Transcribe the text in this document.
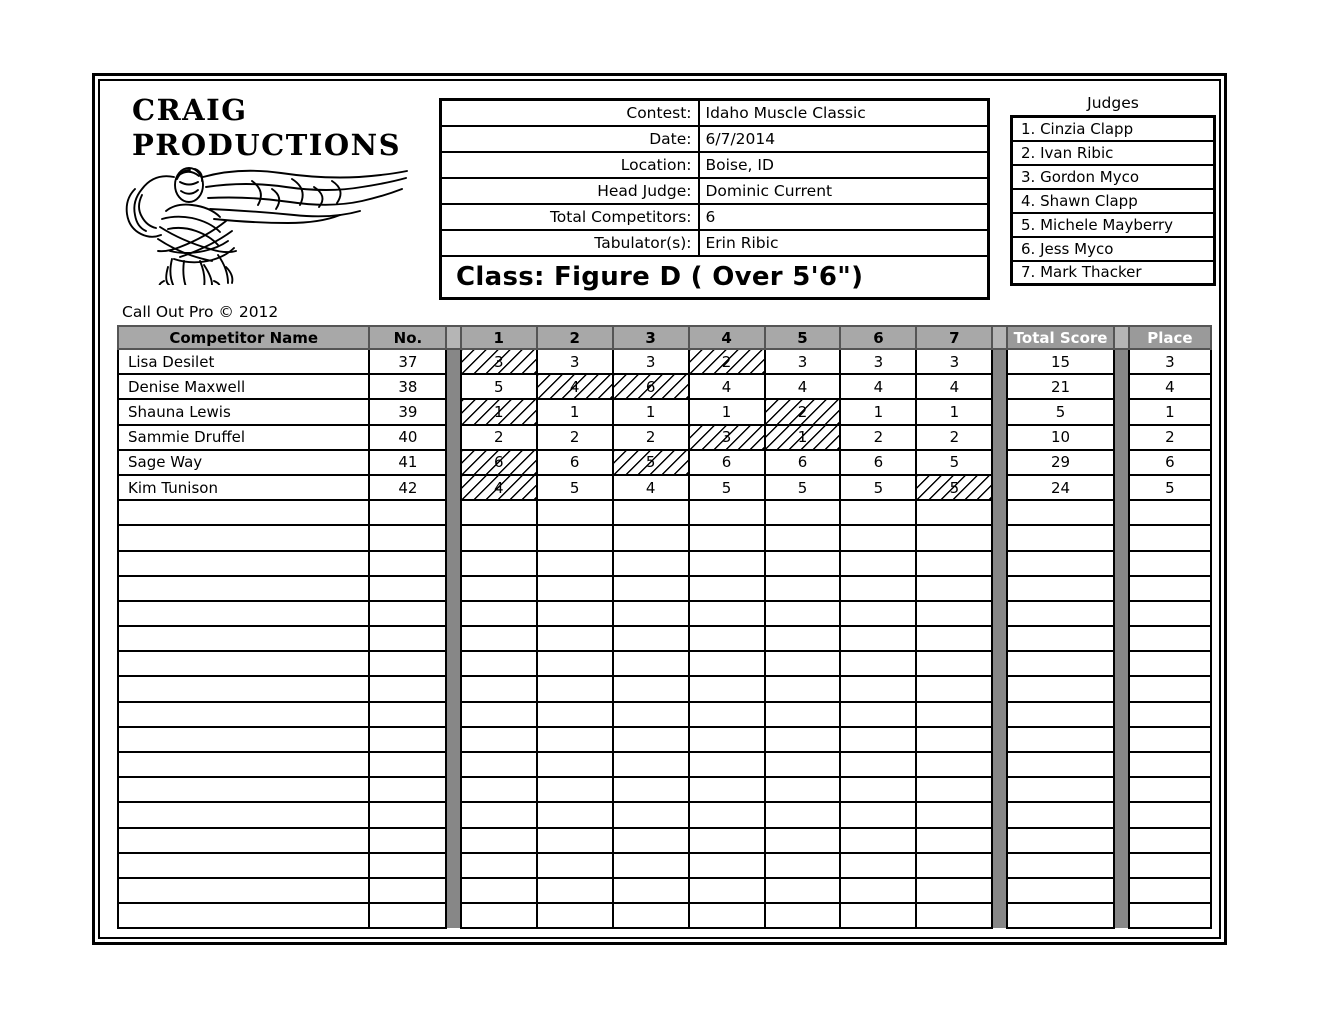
CRAIG
PRODUCTIONS
Call Out Pro © 2012
Contest:	Idaho Muscle Classic
Date:	6/7/2014
Location:	Boise, ID
Head Judge:	Dominic Current
Total Competitors:	6
Tabulator(s):	Erin Ribic
Class: Figure D ( Over 5'6")	
Judges
1. Cinzia Clapp
2. Ivan Ribic
3. Gordon Myco
4. Shawn Clapp
5. Michele Mayberry
6. Jess Myco
7. Mark Thacker
Competitor Name	No.		1	2	3	4	5	6	7		Total Score		Place
Lisa Desilet	37		3	3	3	2	3	3	3		15		3
Denise Maxwell	38		5	4	6	4	4	4	4		21		4
Shauna Lewis	39		1	1	1	1	2	1	1		5		1
Sammie Druffel	40		2	2	2	3	1	2	2		10		2
Sage Way	41		6	6	5	6	6	6	5		29		6
Kim Tunison	42		4	5	4	5	5	5	5		24		5
